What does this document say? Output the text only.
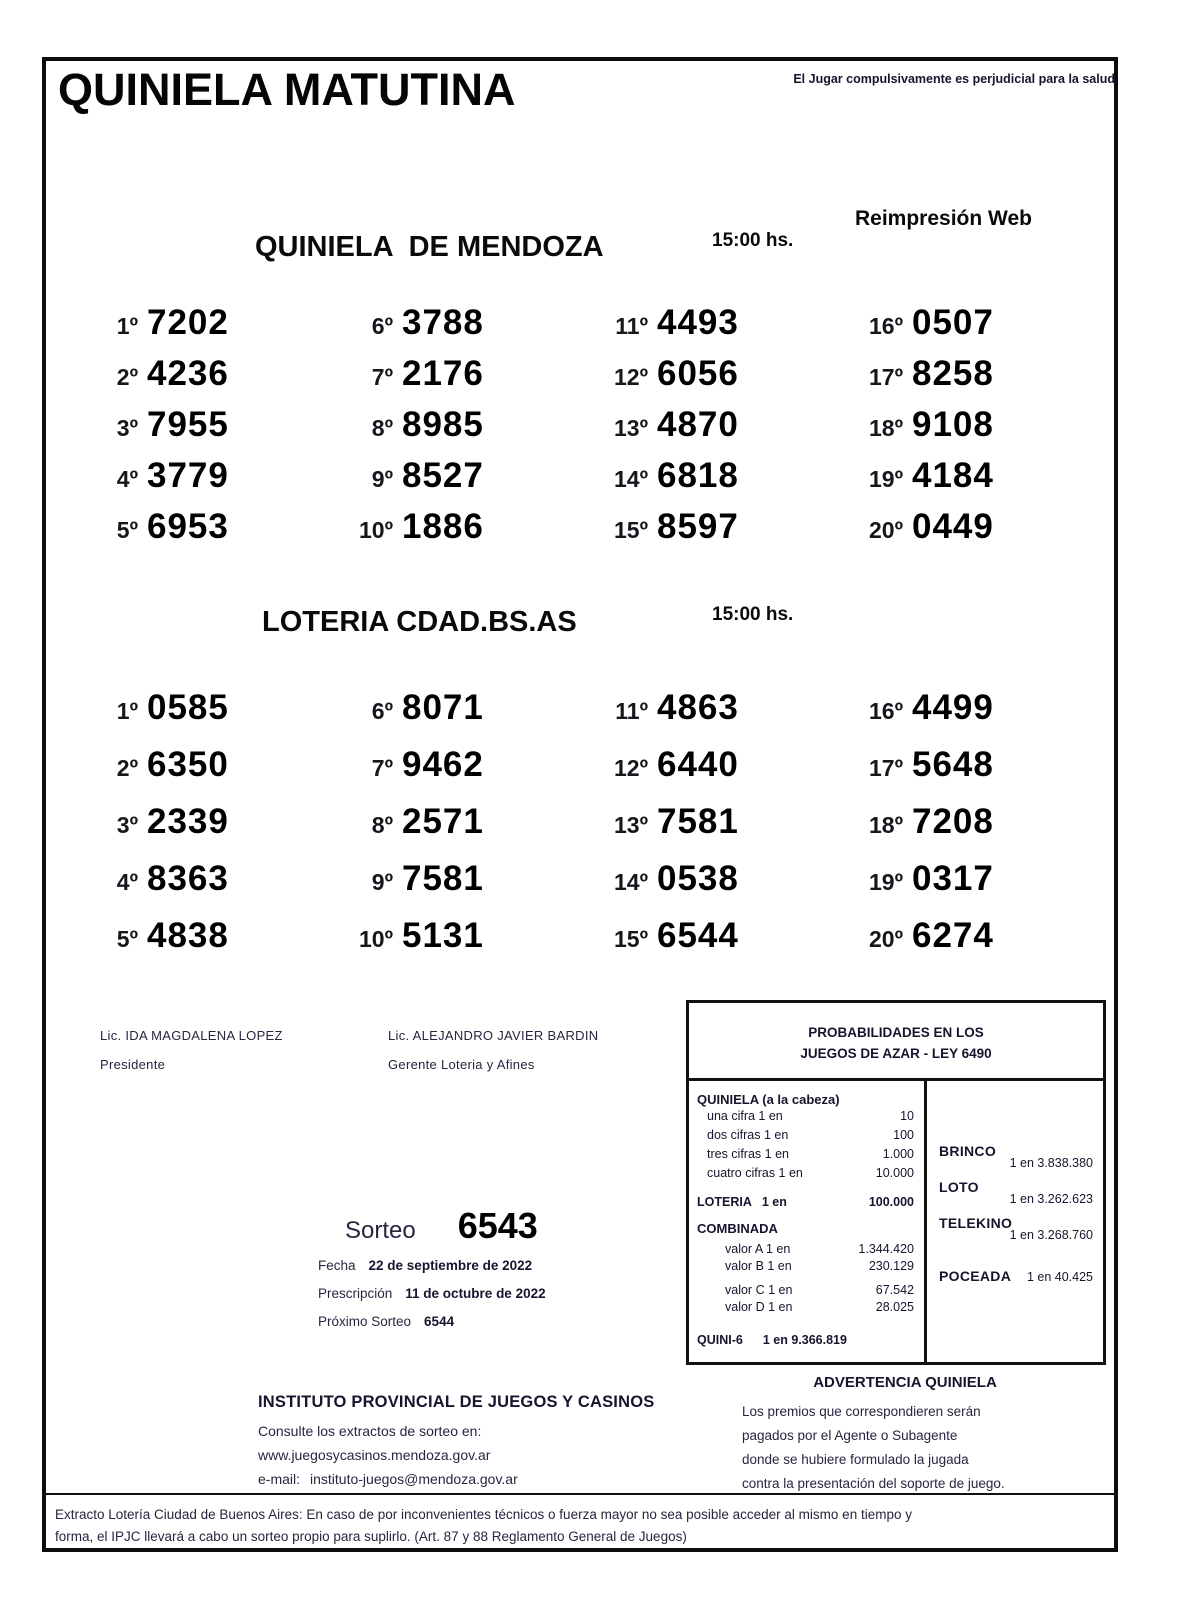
QUINIELA MATUTINA	El Jugar compulsivamente es perjudicial para la salud
Reimpresión Web
QUINIELA  DE MENDOZA	15:00 hs.
1º 7202	6º 3788	11º 4493	16º 0507
2º 4236	7º 2176	12º 6056	17º 8258
3º 7955	8º 8985	13º 4870	18º 9108
4º 3779	9º 8527	14º 6818	19º 4184
5º 6953	10º 1886	15º 8597	20º 0449
LOTERIA CDAD.BS.AS	15:00 hs.
1º 0585	6º 8071	11º 4863	16º 4499
2º 6350	7º 9462	12º 6440	17º 5648
3º 2339	8º 2571	13º 7581	18º 7208
4º 8363	9º 7581	14º 0538	19º 0317
5º 4838	10º 5131	15º 6544	20º 6274
Lic. IDA MAGDALENA LOPEZ
Presidente
Lic. ALEJANDRO JAVIER BARDIN
Gerente Loteria y Afines
Sorteo 6543
Fecha 22 de septiembre de 2022
Prescripción 11 de octubre de 2022
Próximo Sorteo 6544
PROBABILIDADES EN LOS
JUEGOS DE AZAR - LEY 6490
QUINIELA (a la cabeza)
una cifra 1 en	10
dos cifras 1 en	100
tres cifras 1 en	1.000
cuatro cifras 1 en	10.000
LOTERIA   1 en	100.000
COMBINADA
valor A 1 en	1.344.420
valor B 1 en	230.129
valor C 1 en	67.542
valor D 1 en	28.025
QUINI-6 1 en 9.366.819
BRINCO
1 en 3.838.380
LOTO
1 en 3.262.623
TELEKINO
1 en 3.268.760
POCEADA 1 en 40.425
ADVERTENCIA QUINIELA
Los premios que correspondieren serán
pagados por el Agente o Subagente
donde se hubiere formulado la jugada
contra la presentación del soporte de juego.
INSTITUTO PROVINCIAL DE JUEGOS Y CASINOS
Consulte los extractos de sorteo en:
www.juegosycasinos.mendoza.gov.ar
e-mail: instituto-juegos@mendoza.gov.ar
Extracto Lotería Ciudad de Buenos Aires: En caso de por inconvenientes técnicos o fuerza mayor no sea posible acceder al mismo en tiempo y
forma, el IPJC llevará a cabo un sorteo propio para suplirlo. (Art. 87 y 88 Reglamento General de Juegos)
